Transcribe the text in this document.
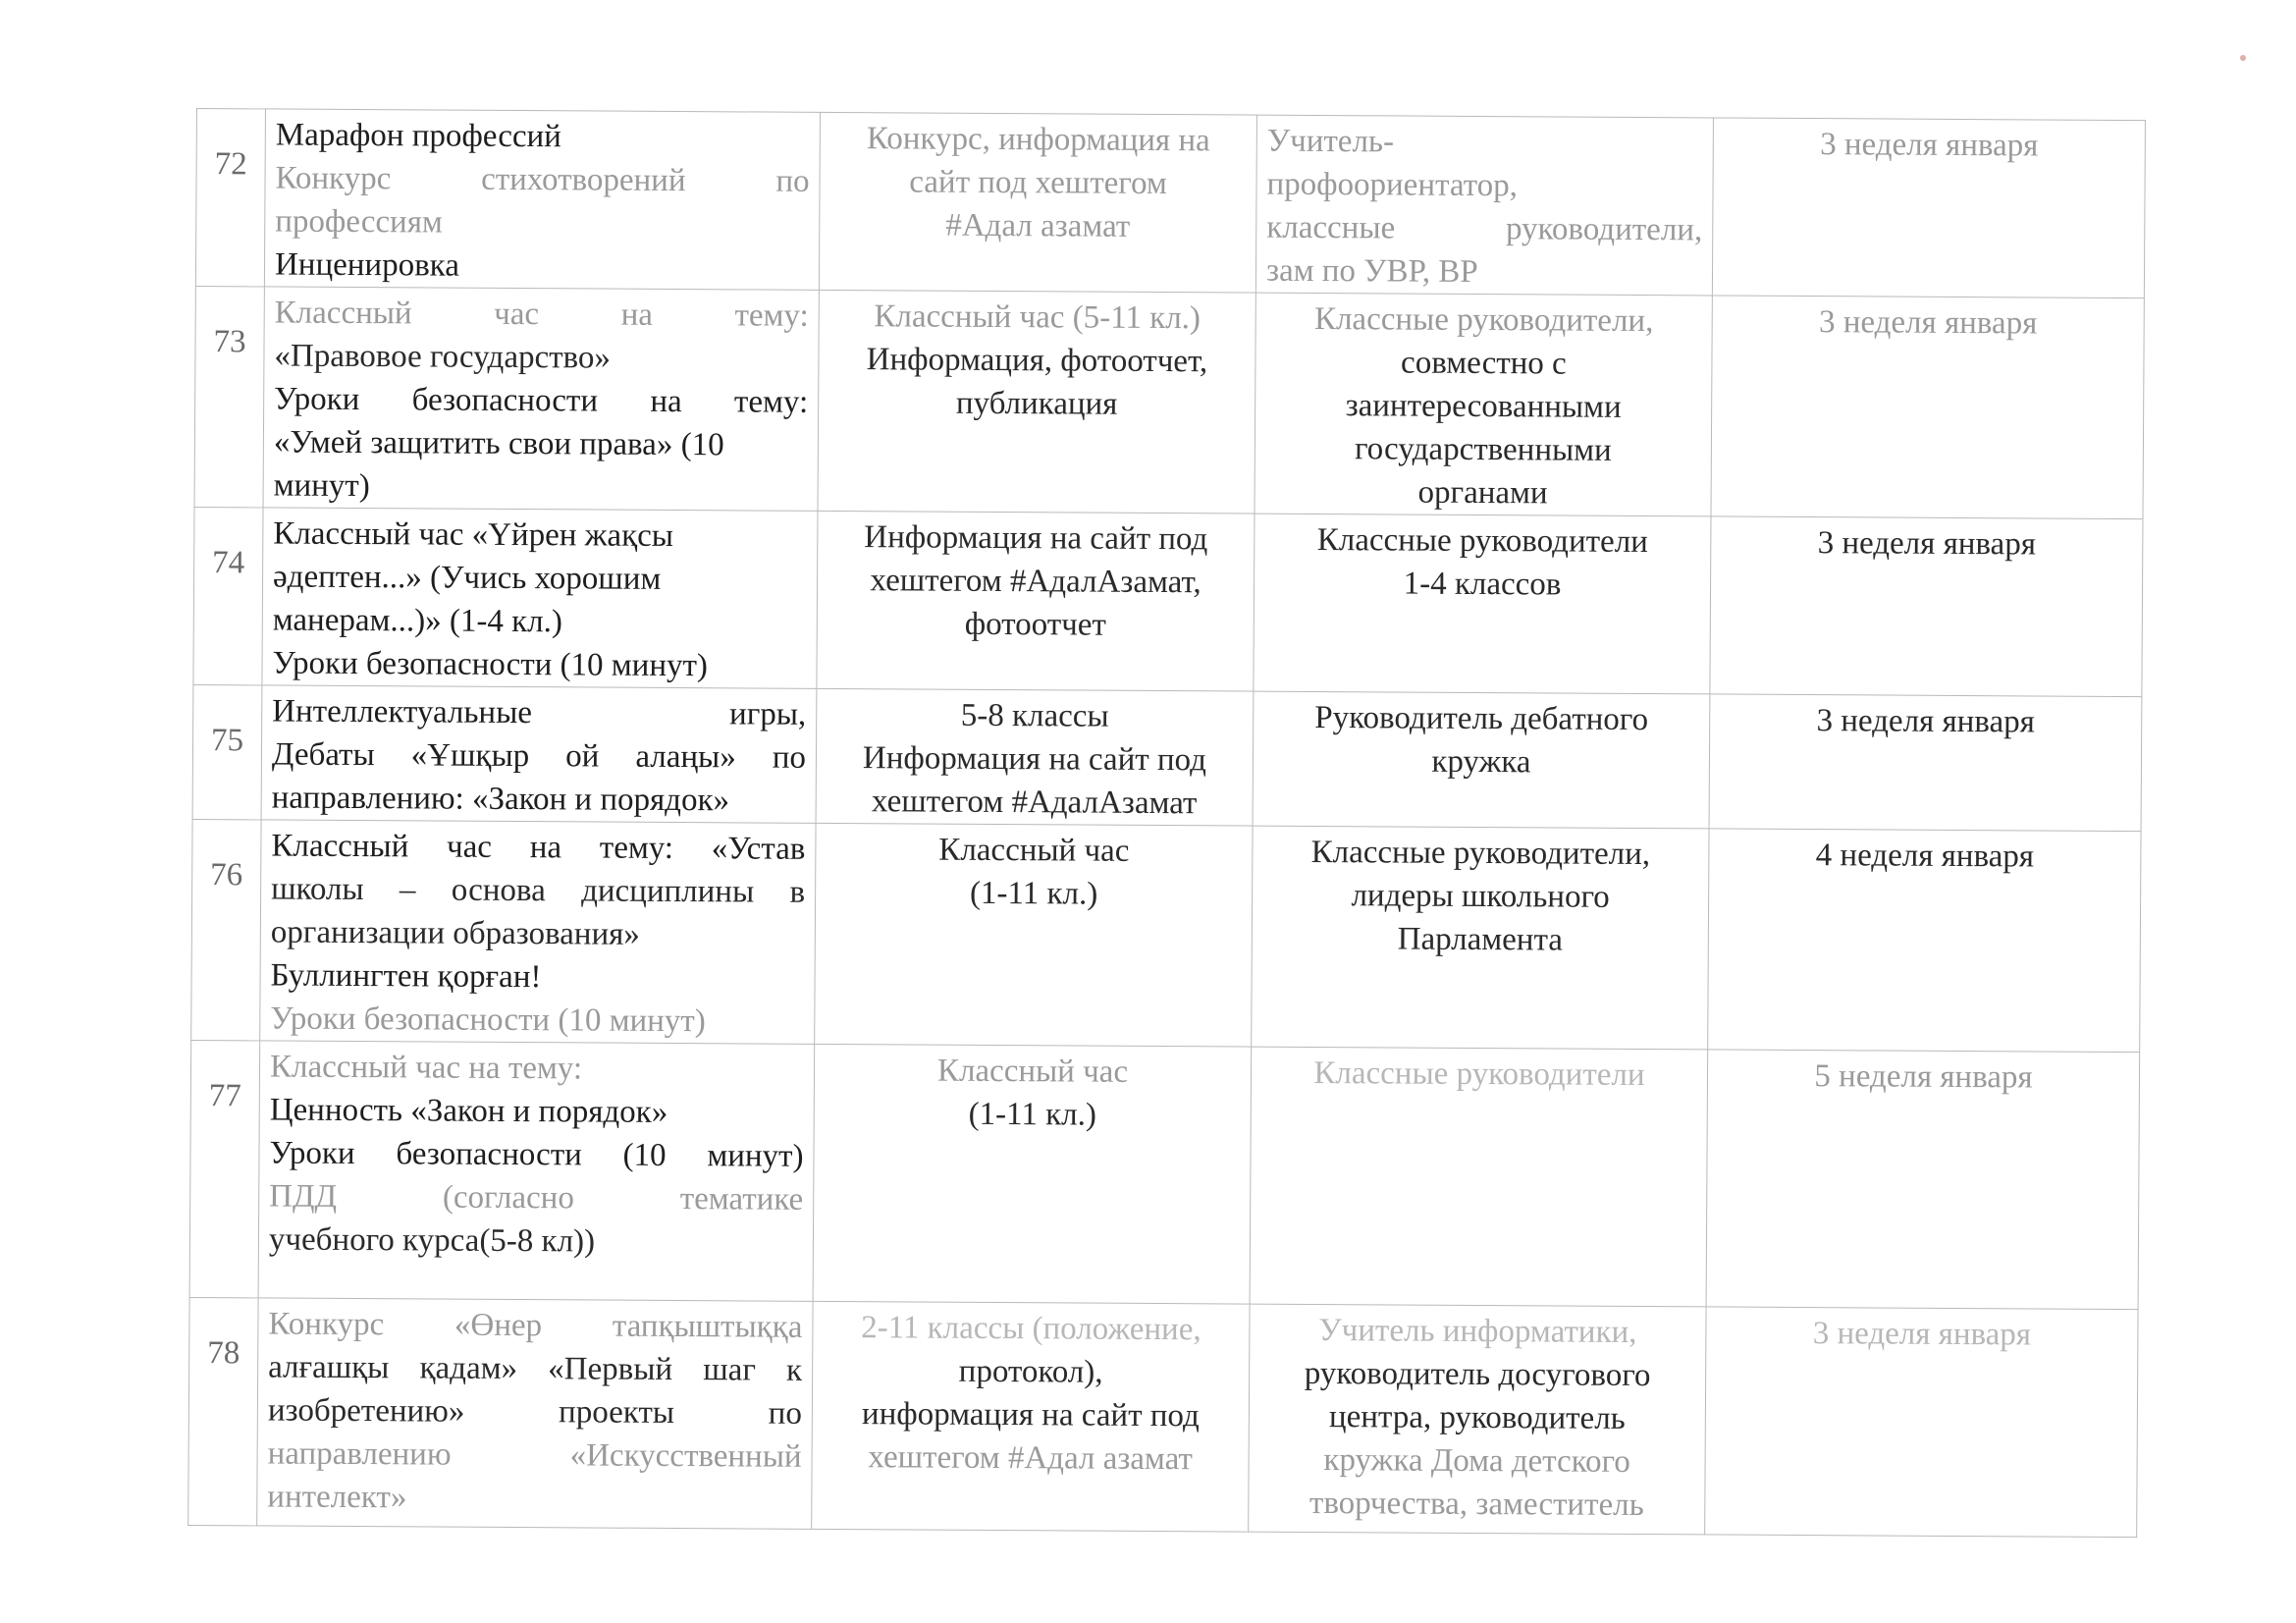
72	Марафон профессий
Конкурс стихотворений по
профессиям
Инценировка	Конкурс, информация на
сайт под хештегом
#Адал азамат	Учитель-
профоориентатор,
классные руководители,
зам по УВР, ВР	3 неделя января
73	Классный час на тему:
«Правовое государство»
Уроки безопасности на тему:
«Умей защитить свои права» (10
минут)	Классный час (5-11 кл.)
Информация, фотоотчет,
публикация	Классные руководители,
совместно с
заинтересованными
государственными
органами	3 неделя января
74	Классный час «Үйрен жақсы
әдептен...» (Учись хорошим
манерам...)» (1-4 кл.)
Уроки безопасности (10 минут)	Информация на сайт под
хештегом #АдалАзамат,
фотоотчет	Классные руководители
1-4 классов	3 неделя января
75	Интеллектуальные игры,
Дебаты «Ұшқыр ой алаңы» по
направлению: «Закон и порядок»	5-8 классы
Информация на сайт под
хештегом #АдалАзамат	Руководитель дебатного
кружка	3 неделя января
76	Классный час на тему: «Устав
школы – основа дисциплины в
организации образования»
Буллингтен қорған!
Уроки безопасности (10 минут)	Классный час
(1-11 кл.)	Классные руководители,
лидеры школьного
Парламента	4 неделя января
77	Классный час на тему:
Ценность «Закон и порядок»
Уроки безопасности (10 минут)
ПДД (согласно тематике
учебного курса(5-8 кл))	Классный час
(1-11 кл.)	Классные руководители	5 неделя января
78	Конкурс «Өнер тапқыштыққа
алғашқы қадам» «Первый шаг к
изобретению» проекты по
направлению «Искусственный
интелект»	2-11 классы (положение,
протокол),
информация на сайт под
хештегом #Адал азамат	Учитель информатики,
руководитель досугового
центра, руководитель
кружка Дома детского
творчества, заместитель	3 неделя января
